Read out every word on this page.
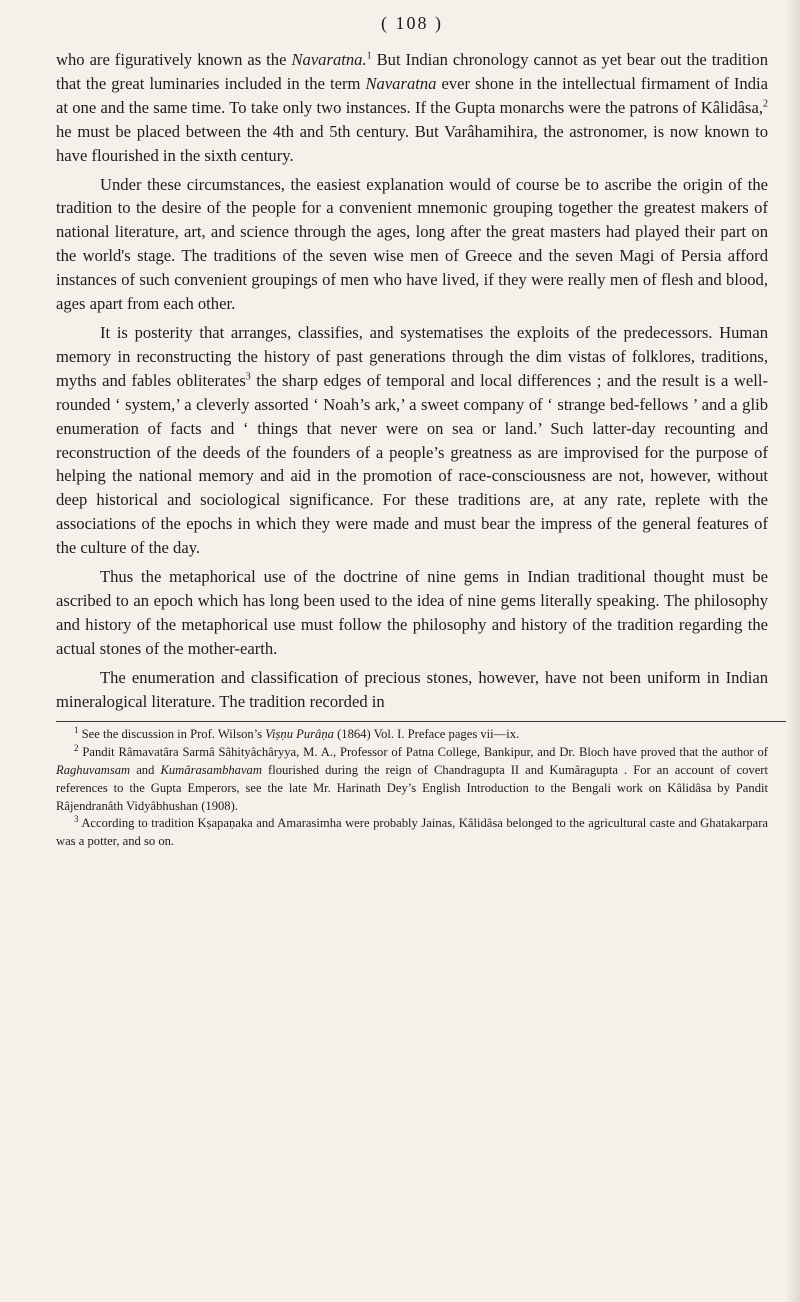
( 108 )

who are figuratively known as the Navaratna.$^1$ But Indian chronology cannot as yet bear out the tradition that the great luminaries included in the term Navaratna ever shone in the intellectual firmament of India at one and the same time. To take only two instances. If the Gupta monarchs were the patrons of Kâlidâsa,$^2$ he must be placed between the 4th and 5th century. But Varâhamihira, the astronomer, is now known to have flourished in the sixth century.

Under these circumstances, the easiest explanation would of course be to ascribe the origin of the tradition to the desire of the people for a convenient mnemonic grouping together the greatest makers of national literature, art, and science through the ages, long after the great masters had played their part on the world's stage. The traditions of the seven wise men of Greece and the seven Magi of Persia afford instances of such convenient groupings of men who have lived, if they were really men of flesh and blood, ages apart from each other.

It is posterity that arranges, classifies, and systematises the exploits of the predecessors. Human memory in reconstructing the history of past generations through the dim vistas of folklores, traditions, myths and fables obliterates$^3$ the sharp edges of temporal and local differences ; and the result is a well-rounded ‘ system,’ a cleverly assorted ‘ Noah’s ark,’ a sweet company of ‘ strange bed-fellows ’ and a glib enumeration of facts and ‘ things that never were on sea or land.’ Such latter-day recounting and reconstruction of the deeds of the founders of a people’s greatness as are improvised for the purpose of helping the national memory and aid in the promotion of race-consciousness are not, however, without deep historical and sociological significance. For these traditions are, at any rate, replete with the associations of the epochs in which they were made and must bear the impress of the general features of the culture of the day.

Thus the metaphorical use of the doctrine of nine gems in Indian traditional thought must be ascribed to an epoch which has long been used to the idea of nine gems literally speaking. The philosophy and history of the metaphorical use must follow the philosophy and history of the tradition regarding the actual stones of the mother-earth.

The enumeration and classification of precious stones, however, have not been uniform in Indian mineralogical literature. The tradition recorded in

$^1$ See the discussion in Prof. Wilson’s Viṣṇu Purâṇa (1864) Vol. I. Preface pages vii—ix.

$^2$ Pandit Râmavatâra Sarmâ Sâhityâchâryya, M. A., Professor of Patna College, Bankipur, and Dr. Bloch have proved that the author of Raghuvamsam and Kumârasambhavam flourished during the reign of Chandragupta II and Kumâragupta . For an account of covert references to the Gupta Emperors, see the late Mr. Harinath Dey’s English Introduction to the Bengali work on Kâlidâsa by Pandit Râjendranâth Vidyâbhushan (1908).

$^3$ According to tradition Kṣapaṇaka and Amarasimha were probably Jainas, Kâlidâsa belonged to the agricultural caste and Ghatakarpara was a potter, and so on.
